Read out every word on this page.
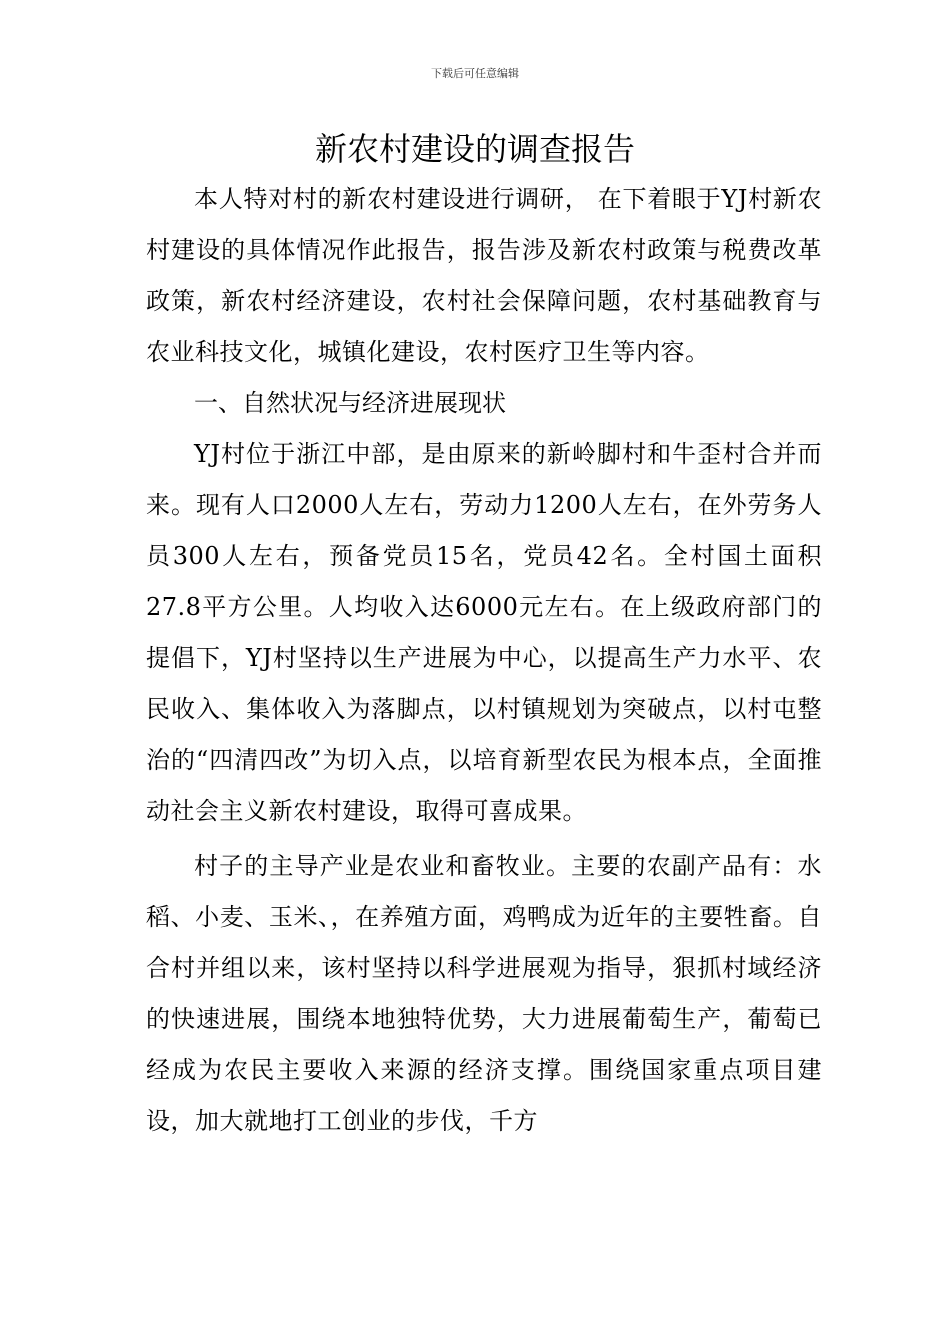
下载后可任意编辑
新农村建设的调查报告

本人特对村的新农村建设进行调研， 在下着眼于YJ村新农村建设的具体情况作此报告，报告涉及新农村政策与税费改革政策，新农村经济建设，农村社会保障问题，农村基础教育与农业科技文化，城镇化建设，农村医疗卫生等内容。

一、自然状况与经济进展现状

YJ村位于浙江中部，是由原来的新岭脚村和牛歪村合并而来。现有人口2000人左右，劳动力1200人左右，在外劳务人员300人左右，预备党员15名，党员42名。全村国土面积27.8平方公里。人均收入达6000元左右。在上级政府部门的提倡下，YJ村坚持以生产进展为中心，以提高生产力水平、农民收入、集体收入为落脚点，以村镇规划为突破点，以村屯整治的“四清四改”为切入点，以培育新型农民为根本点，全面推动社会主义新农村建设，取得可喜成果。

村子的主导产业是农业和畜牧业。主要的农副产品有：水稻、小麦、玉米、，在养殖方面，鸡鸭成为近年的主要牲畜。自合村并组以来，该村坚持以科学进展观为指导，狠抓村域经济的快速进展，围绕本地独特优势，大力进展葡萄生产，葡萄已经成为农民主要收入来源的经济支撑。围绕国家重点项目建设，加大就地打工创业的步伐，千方
